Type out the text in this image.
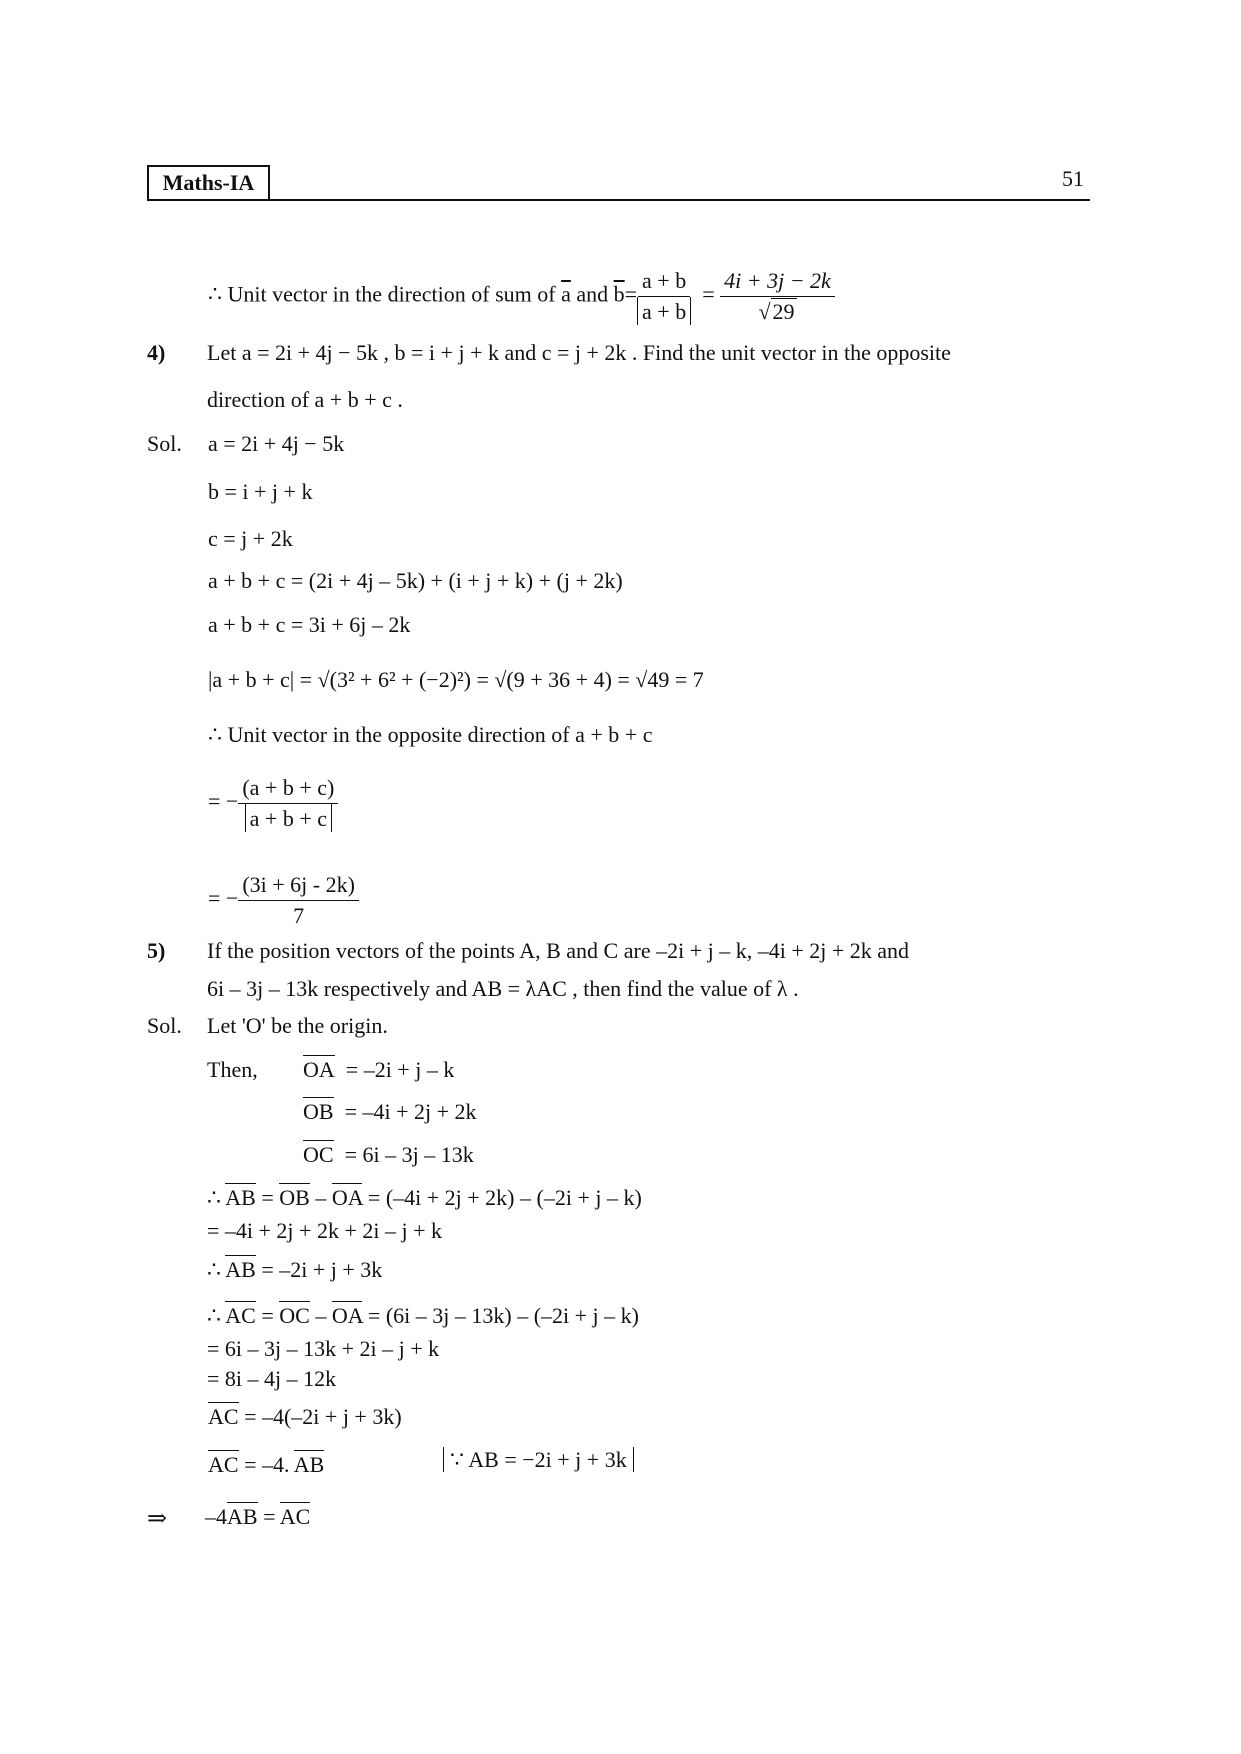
Maths-IA	51
∴ Unit vector in the direction of sum of $\overline{a}$ and $\overline{b}= \frac{a + b}{a + b} = \frac{4i + 3j - 2k}{√29}$
4) Let a = 2i + 4j − 5k , b = i + j + k and c = j + 2k . Find the unit vector in the opposite
direction of a + b + c .
Sol. a = 2i + 4j − 5k
b = i + j + k
c = j + 2k
a + b + c = (2i + 4j – 5k) + (i + j + k) + (j + 2k)
a + b + c = 3i + 6j – 2k
|a + b + c| = √(3² + 6² + (−2)²) = √(9 + 36 + 4) = √49 = 7
∴ Unit vector in the opposite direction of a + b + c
= − $\frac{(a + b + c)}{a + b + c}$
= − $\frac{(3i + 6j - 2k)}{7}$
5) If the position vectors of the points A, B and C are –2i + j – k, –4i + 2j + 2k and
6i – 3j – 13k respectively and AB = λAC , then find the value of λ .
Sol. Let 'O' be the origin.
Then, OA = –2i + j – k
OB = –4i + 2j + 2k
OC = 6i – 3j – 13k
∴ AB = OB – OA = (–4i + 2j + 2k) – (–2i + j – k)
= –4i + 2j + 2k + 2i – j + k
∴ AB = –2i + j + 3k
∴ AC = OC – OA = (6i – 3j – 13k) – (–2i + j – k)
= 6i – 3j – 13k + 2i – j + k
= 8i – 4j – 12k
AC = –4(–2i + j + 3k)
AC = –4. AB	∵ AB = −2i + j + 3k
⇒ –4AB = AC
